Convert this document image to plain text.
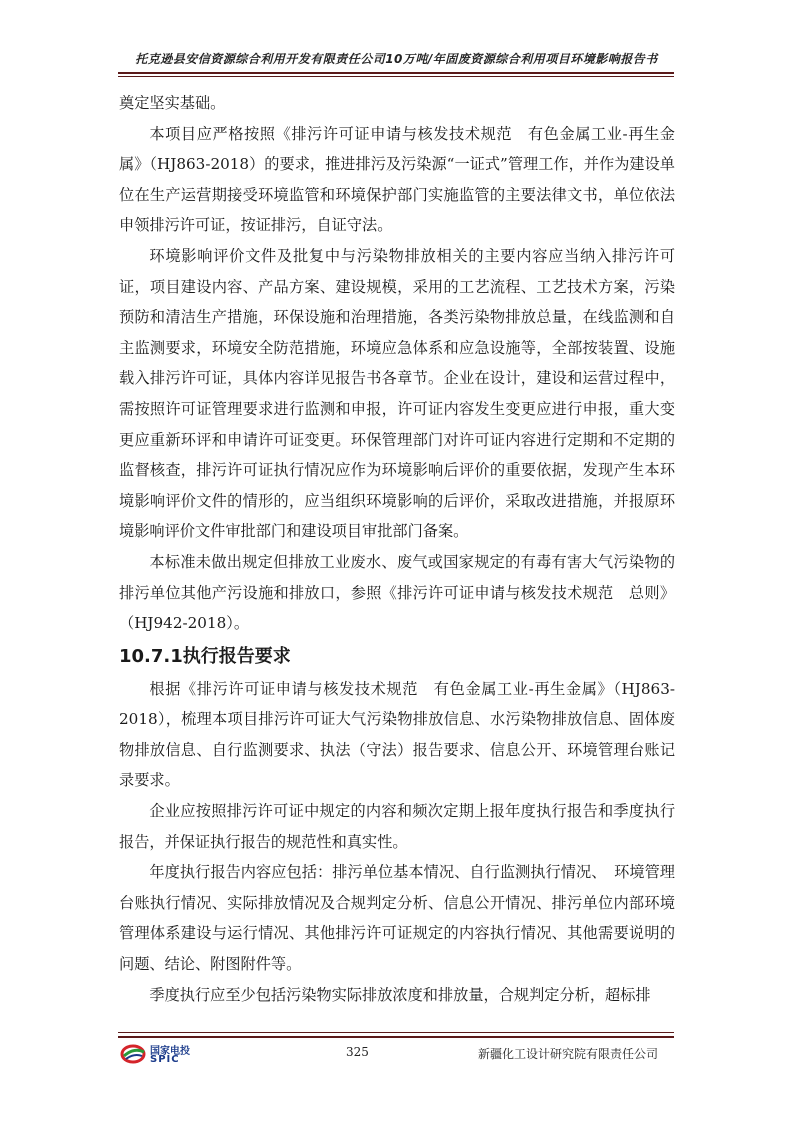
托克逊县安信资源综合利用开发有限责任公司10万吨/年固废资源综合利用项目环境影响报告书

奠定坚实基础。

本项目应严格按照《排污许可证申请与核发技术规范　有色金属工业-再生金属》（HJ863-2018）的要求，推进排污及污染源“一证式”管理工作，并作为建设单位在生产运营期接受环境监管和环境保护部门实施监管的主要法律文书，单位依法申领排污许可证，按证排污，自证守法。

环境影响评价文件及批复中与污染物排放相关的主要内容应当纳入排污许可证，项目建设内容、产品方案、建设规模，采用的工艺流程、工艺技术方案，污染预防和清洁生产措施，环保设施和治理措施，各类污染物排放总量，在线监测和自主监测要求，环境安全防范措施，环境应急体系和应急设施等，全部按装置、设施载入排污许可证，具体内容详见报告书各章节。企业在设计，建设和运营过程中，需按照许可证管理要求进行监测和申报，许可证内容发生变更应进行申报，重大变更应重新环评和申请许可证变更。环保管理部门对许可证内容进行定期和不定期的监督核查，排污许可证执行情况应作为环境影响后评价的重要依据，发现产生本环境影响评价文件的情形的，应当组织环境影响的后评价，采取改进措施，并报原环境影响评价文件审批部门和建设项目审批部门备案。

本标准未做出规定但排放工业废水、废气或国家规定的有毒有害大气污染物的排污单位其他产污设施和排放口，参照《排污许可证申请与核发技术规范　总则》（HJ942-2018）。

10.7.1执行报告要求

根据《排污许可证申请与核发技术规范　有色金属工业-再生金属》（HJ863-2018），梳理本项目排污许可证大气污染物排放信息、水污染物排放信息、固体废物排放信息、自行监测要求、执法（守法）报告要求、信息公开、环境管理台账记录要求。

企业应按照排污许可证中规定的内容和频次定期上报年度执行报告和季度执行报告，并保证执行报告的规范性和真实性。

年度执行报告内容应包括：排污单位基本情况、自行监测执行情况、　环境管理台账执行情况、实际排放情况及合规判定分析、信息公开情况、排污单位内部环境管理体系建设与运行情况、其他排污许可证规定的内容执行情况、其他需要说明的问题、结论、附图附件等。

季度执行应至少包括污染物实际排放浓度和排放量，合规判定分析，超标排

国家电投
SPIC
325	新疆化工设计研究院有限责任公司
